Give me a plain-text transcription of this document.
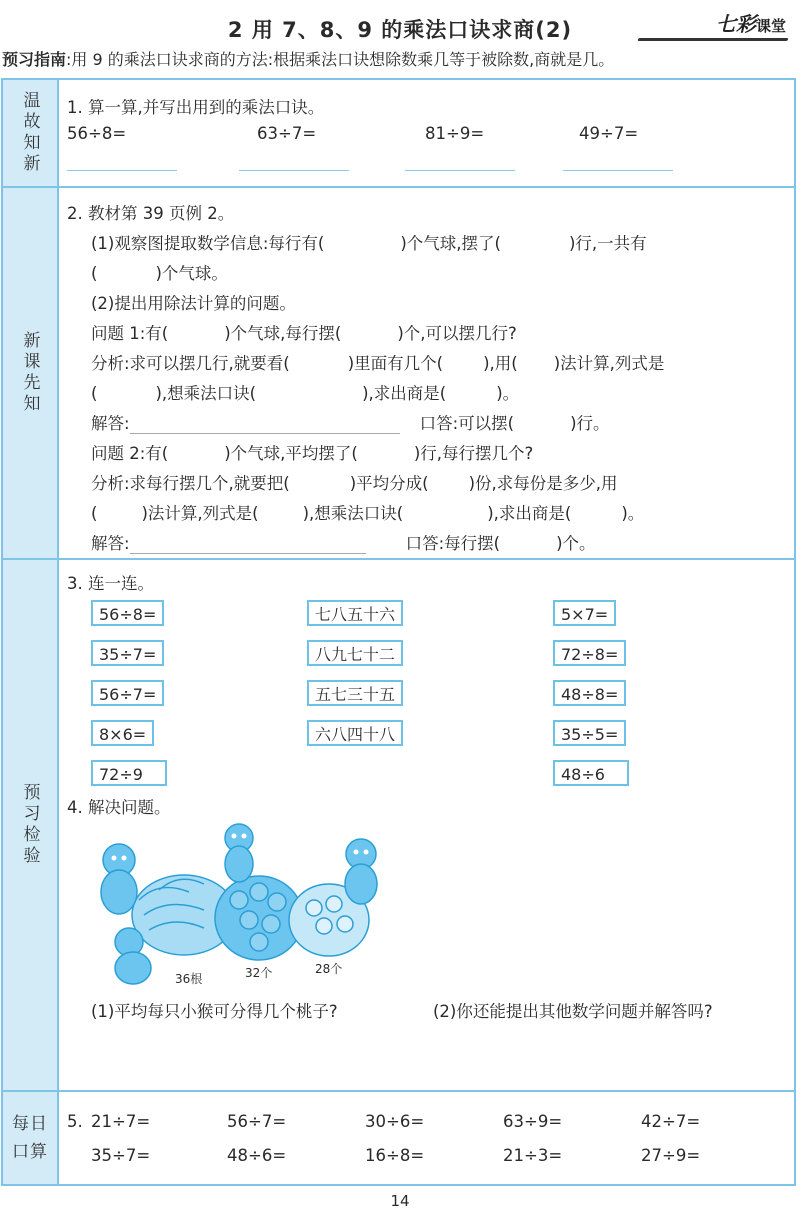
2 用 7、8、9 的乘法口诀求商(2)	七彩课堂
预习指南:用 9 的乘法口诀求商的方法:根据乘法口诀想除数乘几等于被除数,商就是几。
温故知新 1. 算一算,并写出用到的乘法口诀。
56÷8=	63÷7=	81÷9=	49÷7=
新课先知
2. 教材第 39 页例 2。
(1)观察图提取数学信息:每行有(	)个气球,摆了(	)行,一共有
(	)个气球。
(2)提出用除法计算的问题。
问题 1:有(	)个气球,每行摆(	)个,可以摆几行?
分析:求可以摆几行,就要看(	)里面有几个( ),用( )法计算,列式是
(	),想乘法口诀(	),求出商是(	)。
解答:	口答:可以摆(	)行。
问题 2:有(	)个气球,平均摆了(	)行,每行摆几个?
分析:求每行摆几个,就要把(	)平均分成( )份,求每份是多少,用
(	)法计算,列式是(	),想乘法口诀(	),求出商是(	)。
解答:	口答:每行摆(	)个。
预习检验
3. 连一连。
56÷8=
35÷7=
56÷7=
8×6=
72÷9
七八五十六
八九七十二
五七三十五
六八四十八
5×7=
72÷8=
48÷8=
35÷5=
48÷6
4. 解决问题。
36根	32个	28个
(1)平均每只小猴可分得几个桃子?	(2)你还能提出其他数学问题并解答吗?
每日口算
5. 21÷7=	56÷7=	30÷6=	63÷9=	42÷7=
35÷7=	48÷6=	16÷8=	21÷3=	27÷9=
14
